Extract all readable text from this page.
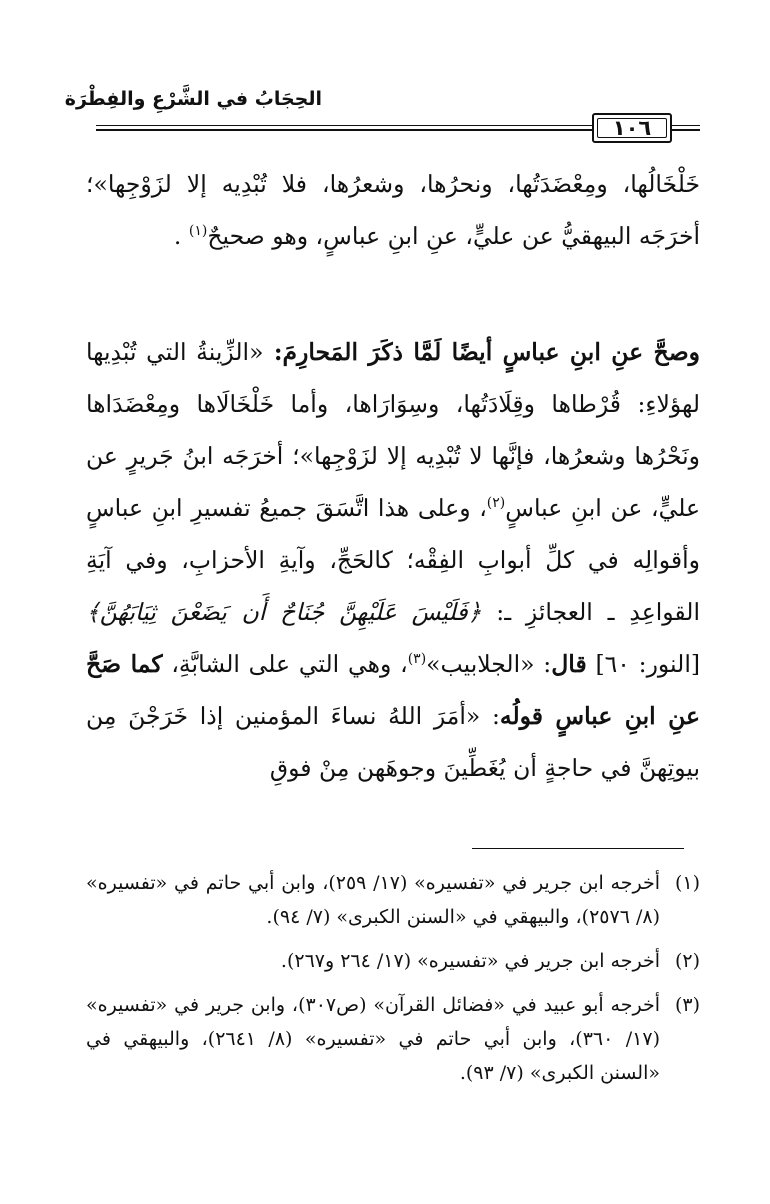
الحِجَابُ في الشَّرْعِ والفِطْرَة
١٠٦
خَلْخَالُها، ومِعْضَدَتُها، ونحرُها، وشعرُها، فلا تُبْدِيه إلا لزَوْجِها»؛ أخرَجَه البيهقيُّ عن عليٍّ، عنِ ابنِ عباسٍ، وهو صحيحٌ$^{(١)}$ .
وصحَّ عنِ ابنِ عباسٍ أيضًا لَمَّا ذكَرَ المَحارِمَ: «الزِّينةُ التي تُبْدِيها لهؤلاءِ: قُرْطاها وقِلَادَتُها، وسِوَارَاها، وأما خَلْخَالَاها ومِعْضَدَاها ونَحْرُها وشعرُها، فإنَّها لا تُبْدِيه إلا لزَوْجِها»؛ أخرَجَه ابنُ جَريرٍ عن عليٍّ، عن ابنِ عباسٍ$^{(٢)}$، وعلى هذا اتَّسَقَ جميعُ تفسيرِ ابنِ عباسٍ وأقوالِه في كلِّ أبوابِ الفِقْه؛ كالحَجِّ، وآيةِ الأحزابِ، وفي آيَةِ القواعِدِ ـ العجائزِ ـ: ﴿فَلَيْسَ عَلَيْهِنَّ جُنَاحٌ أَن يَضَعْنَ ثِيَابَهُنَّ﴾ [النور: ٦٠] قال: «الجلابيب»$^{(٣)}$، وهي التي على الشابَّةِ، كما صَحَّ عنِ ابنِ عباسٍ قولُه: «أمَرَ اللهُ نساءَ المؤمنين إذا خَرَجْنَ مِن بيوتِهنَّ في حاجةٍ أن يُغَطِّينَ وجوهَهن مِنْ فوقِ
(١)
أخرجه ابن جرير في «تفسيره» (١٧/ ٢٥٩)، وابن أبي حاتم في «تفسيره» (٨/ ٢٥٧٦)، والبيهقي في «السنن الكبرى» (٧/ ٩٤).
(٢)
أخرجه ابن جرير في «تفسيره» (١٧/ ٢٦٤ و٢٦٧).
(٣)
أخرجه أبو عبيد في «فضائل القرآن» (ص٣٠٧)، وابن جرير في «تفسيره» (١٧/ ٣٦٠)، وابن أبي حاتم في «تفسيره» (٨/ ٢٦٤١)، والبيهقي في «السنن الكبرى» (٧/ ٩٣).
